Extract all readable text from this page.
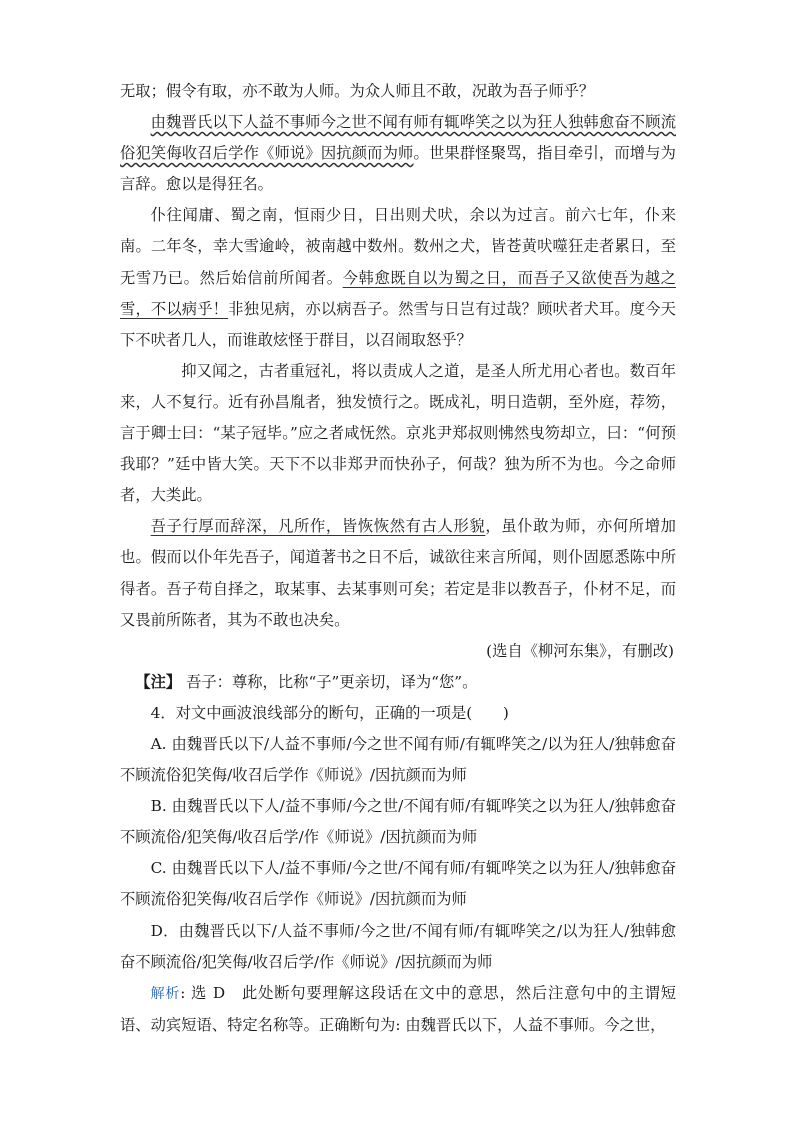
无取；假令有取，亦不敢为人师。为众人师且不敢，况敢为吾子师乎？

由魏晋氏以下人益不事师今之世不闻有师有辄哗笑之以为狂人独韩愈奋不顾流俗犯笑侮收召后学作《师说》因抗颜而为师。世果群怪聚骂，指目牵引，而增与为言辞。愈以是得狂名。

仆往闻庸、蜀之南，恒雨少日，日出则犬吠，余以为过言。前六七年，仆来南。二年冬，幸大雪逾岭，被南越中数州。数州之犬，皆苍黄吠噬狂走者累日，至无雪乃已。然后始信前所闻者。今韩愈既自以为蜀之日，而吾子又欲使吾为越之雪，不以病乎！非独见病，亦以病吾子。然雪与日岂有过哉？顾吠者犬耳。度今天下不吠者几人，而谁敢炫怪于群目，以召闹取怒乎？

抑又闻之，古者重冠礼，将以责成人之道，是圣人所尤用心者也。数百年来，人不复行。近有孙昌胤者，独发愤行之。既成礼，明日造朝，至外庭，荐笏，言于卿士曰：“某子冠毕。”应之者咸怃然。京兆尹郑叔则怫然曳笏却立，曰：“何预我耶？”廷中皆大笑。天下不以非郑尹而快孙子，何哉？独为所不为也。今之命师者，大类此。

吾子行厚而辞深，凡所作，皆恢恢然有古人形貌，虽仆敢为师，亦何所增加也。假而以仆年先吾子，闻道著书之日不后，诚欲往来言所闻，则仆固愿悉陈中所得者。吾子苟自择之，取某事、去某事则可矣；若定是非以教吾子，仆材不足，而又畏前所陈者，其为不敢也决矣。

(选自《柳河东集》，有删改)

【注】 吾子：尊称，比称“子”更亲切，译为“您”。

4．对文中画波浪线部分的断句，正确的一项是(　　)

A. 由魏晋氏以下/人益不事师/今之世不闻有师/有辄哗笑之/以为狂人/独韩愈奋不顾流俗犯笑侮/收召后学作《师说》/因抗颜而为师

B. 由魏晋氏以下人/益不事师/今之世/不闻有师/有辄哗笑之以为狂人/独韩愈奋不顾流俗/犯笑侮/收召后学/作《师说》/因抗颜而为师

C. 由魏晋氏以下人/益不事师/今之世/不闻有师/有辄哗笑之以为狂人/独韩愈奋不顾流俗犯笑侮/收召后学作《师说》/因抗颜而为师

D．由魏晋氏以下/人益不事师/今之世/不闻有师/有辄哗笑之/以为狂人/独韩愈奋不顾流俗/犯笑侮/收召后学/作《师说》/因抗颜而为师

解析: 选 D　此处断句要理解这段话在文中的意思，然后注意句中的主谓短语、动宾短语、特定名称等。正确断句为: 由魏晋氏以下，人益不事师。今之世，
